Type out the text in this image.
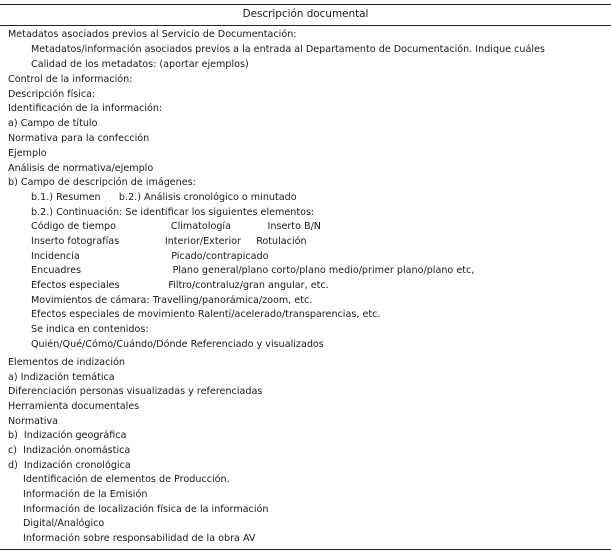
Descripción documental
Metadatos asociados previos al Servicio de Documentación:
Metadatos/información asociados previos a la entrada al Departamento de Documentación. Indique cuáles
Calidad de los metadatos: (aportar ejemplos)
Control de la información:
Descripción física:
Identificación de la información:
a) Campo de título
Normativa para la confección
Ejemplo
Análisis de normativa/ejemplo
b) Campo de descripción de imágenes:
b.1.) Resumen      b.2.) Análisis cronológico o minutado
b.2.) Continuación: Se identificar los siguientes elementos:
Código de tiempo                  Climatología            Inserto B/N
Inserto fotografías               Interior/Exterior     Rotulación
Incidencia                              Picado/contrapicado
Encuadres                              Plano general/plano corto/plano medio/primer plano/plano etc,
Efectos especiales                Filtro/contraluz/gran angular, etc.
Movimientos de cámara: Travelling/panorámica/zoom, etc.
Efectos especiales de movimiento Ralentí/acelerado/transparencias, etc.
Se indica en contenidos:
Quién/Qué/Cómo/Cuándo/Dónde Referenciado y visualizados
Elementos de indización
a) Indización temática
Diferenciación personas visualizadas y referenciadas
Herramienta documentales
Normativa
b)  Indización geográfica
c)  Indización onomástica
d)  Indización cronológica
Identificación de elementos de Producción.
Información de la Emisión
Información de localización física de la información
Digital/Analógico
Información sobre responsabilidad de la obra AV
